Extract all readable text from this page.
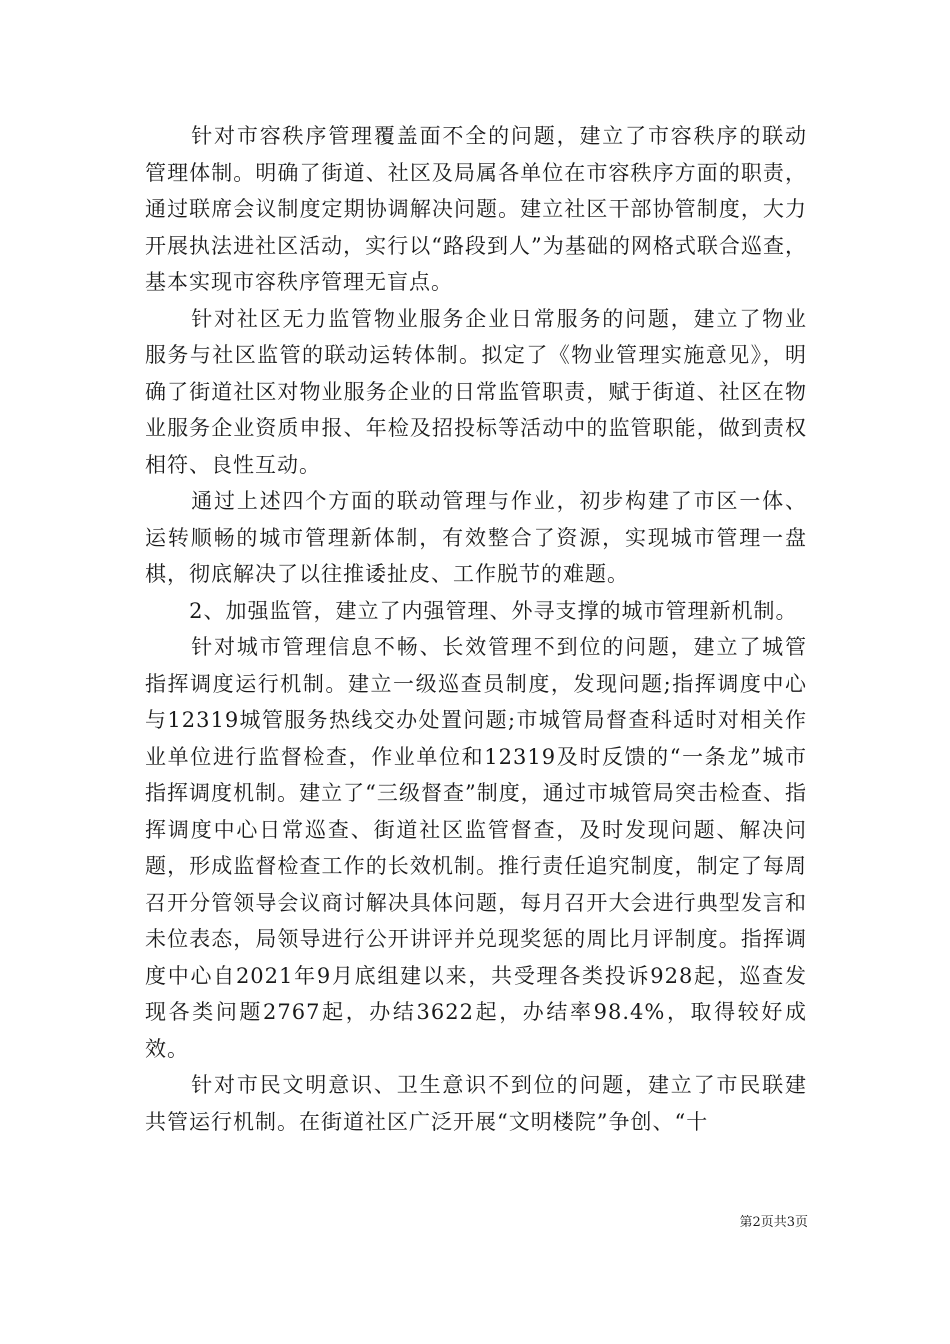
针对市容秩序管理覆盖面不全的问题，建立了市容秩序的联动管理体制。明确了街道、社区及局属各单位在市容秩序方面的职责，通过联席会议制度定期协调解决问题。建立社区干部协管制度，大力开展执法进社区活动，实行以“路段到人”为基础的网格式联合巡查，基本实现市容秩序管理无盲点。

针对社区无力监管物业服务企业日常服务的问题，建立了物业服务与社区监管的联动运转体制。拟定了《物业管理实施意见》，明确了街道社区对物业服务企业的日常监管职责，赋于街道、社区在物业服务企业资质申报、年检及招投标等活动中的监管职能，做到责权相符、良性互动。

通过上述四个方面的联动管理与作业，初步构建了市区一体、运转顺畅的城市管理新体制，有效整合了资源，实现城市管理一盘棋，彻底解决了以往推诿扯皮、工作脱节的难题。

2、加强监管，建立了内强管理、外寻支撑的城市管理新机制。

针对城市管理信息不畅、长效管理不到位的问题，建立了城管指挥调度运行机制。建立一级巡查员制度，发现问题;指挥调度中心与12319城管服务热线交办处置问题;市城管局督查科适时对相关作业单位进行监督检查，作业单位和12319及时反馈的“一条龙”城市指挥调度机制。建立了“三级督查”制度，通过市城管局突击检查、指挥调度中心日常巡查、街道社区监管督查，及时发现问题、解决问题，形成监督检查工作的长效机制。推行责任追究制度，制定了每周召开分管领导会议商讨解决具体问题，每月召开大会进行典型发言和未位表态，局领导进行公开讲评并兑现奖惩的周比月评制度。指挥调度中心自2021年9月底组建以来，共受理各类投诉928起，巡查发现各类问题2767起，办结3622起，办结率98.4%，取得较好成效。

针对市民文明意识、卫生意识不到位的问题，建立了市民联建共管运行机制。在街道社区广泛开展“文明楼院”争创、“十

第2页共3页
